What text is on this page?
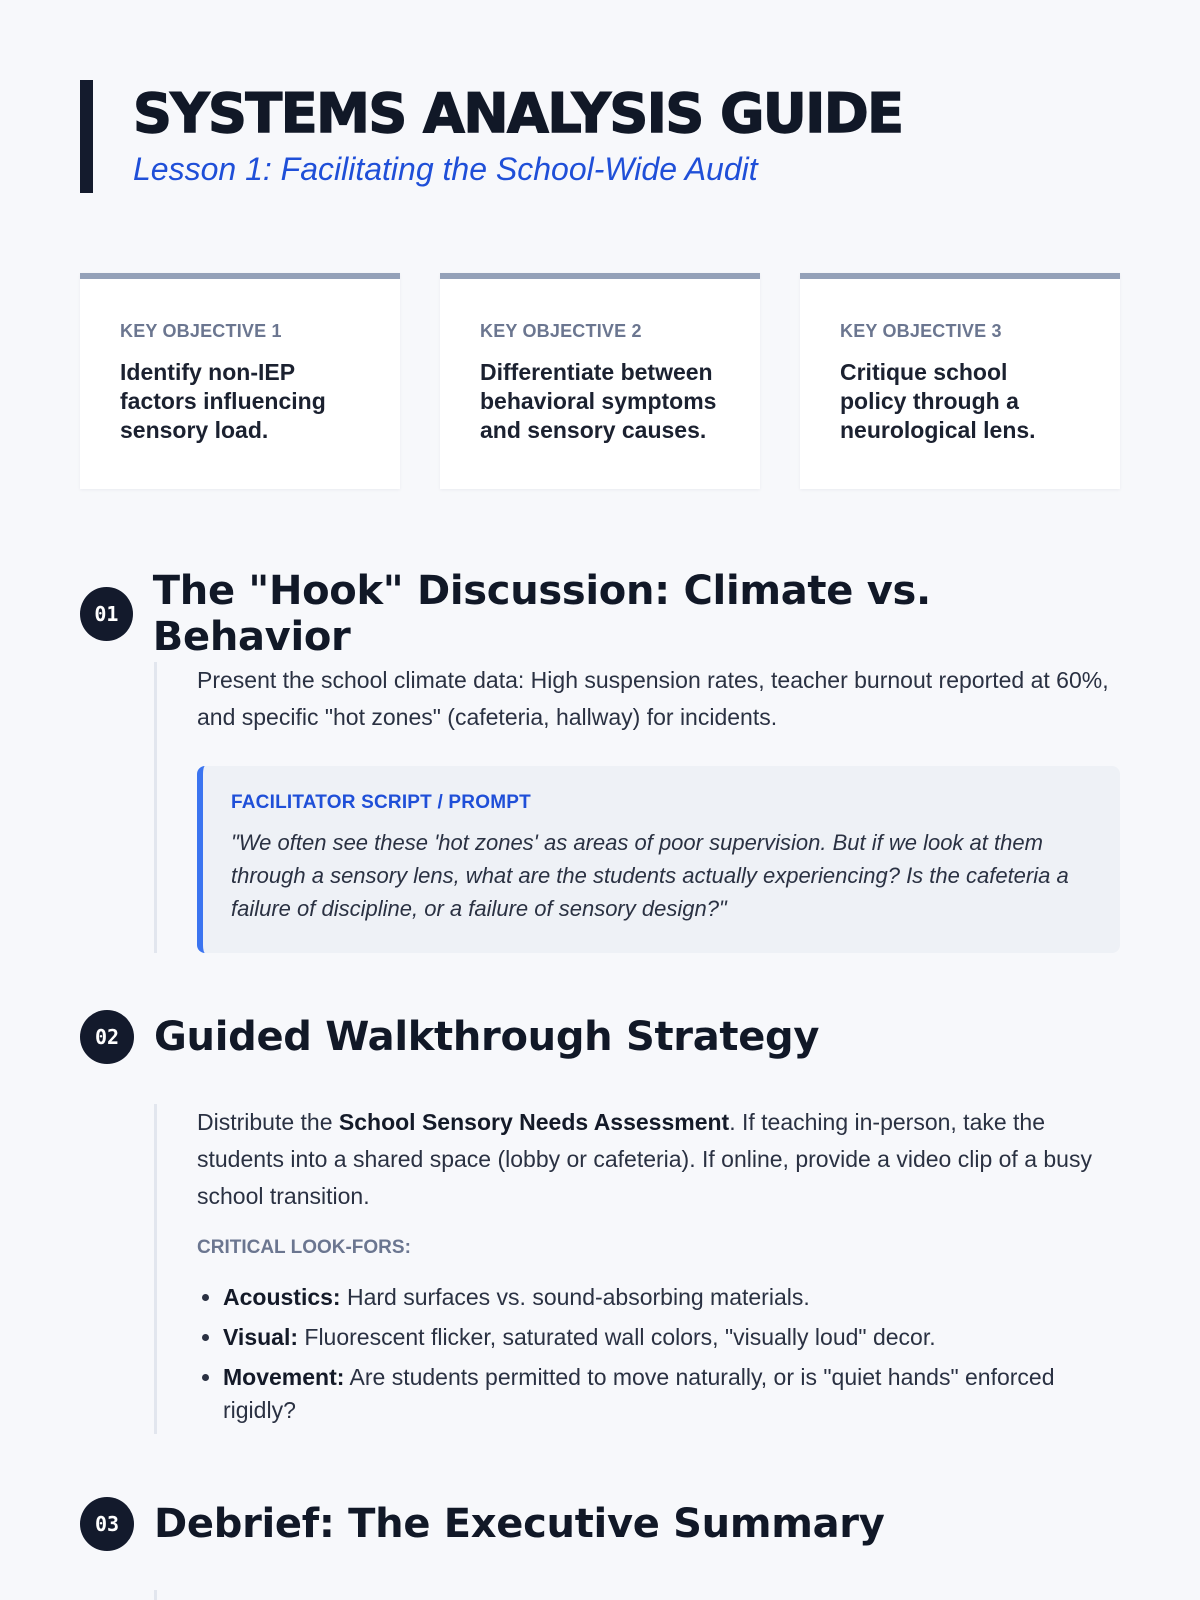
SYSTEMS ANALYSIS GUIDE
Lesson 1: Facilitating the School-Wide Audit
KEY OBJECTIVE 1
Identify non-IEP factors influencing sensory load.
KEY OBJECTIVE 2
Differentiate between behavioral symptoms and sensory causes.
KEY OBJECTIVE 3
Critique school policy through a neurological lens.
01 The "Hook" Discussion: Climate vs. Behavior

Present the school climate data: High suspension rates, teacher burnout reported at 60%, and specific "hot zones" (cafeteria, hallway) for incidents.

FACILITATOR SCRIPT / PROMPT
"We often see these 'hot zones' as areas of poor supervision. But if we look at them through a sensory lens, what are the students actually experiencing? Is the cafeteria a failure of discipline, or a failure of sensory design?"
02 Guided Walkthrough Strategy

Distribute the School Sensory Needs Assessment. If teaching in-person, take the students into a shared space (lobby or cafeteria). If online, provide a video clip of a busy school transition.

CRITICAL LOOK-FORS:
• Acoustics: Hard surfaces vs. sound-absorbing materials.
• Visual: Fluorescent flicker, saturated wall colors, "visually loud" decor.
• Movement: Are students permitted to move naturally, or is "quiet hands" enforced rigidly?
03 Debrief: The Executive Summary
